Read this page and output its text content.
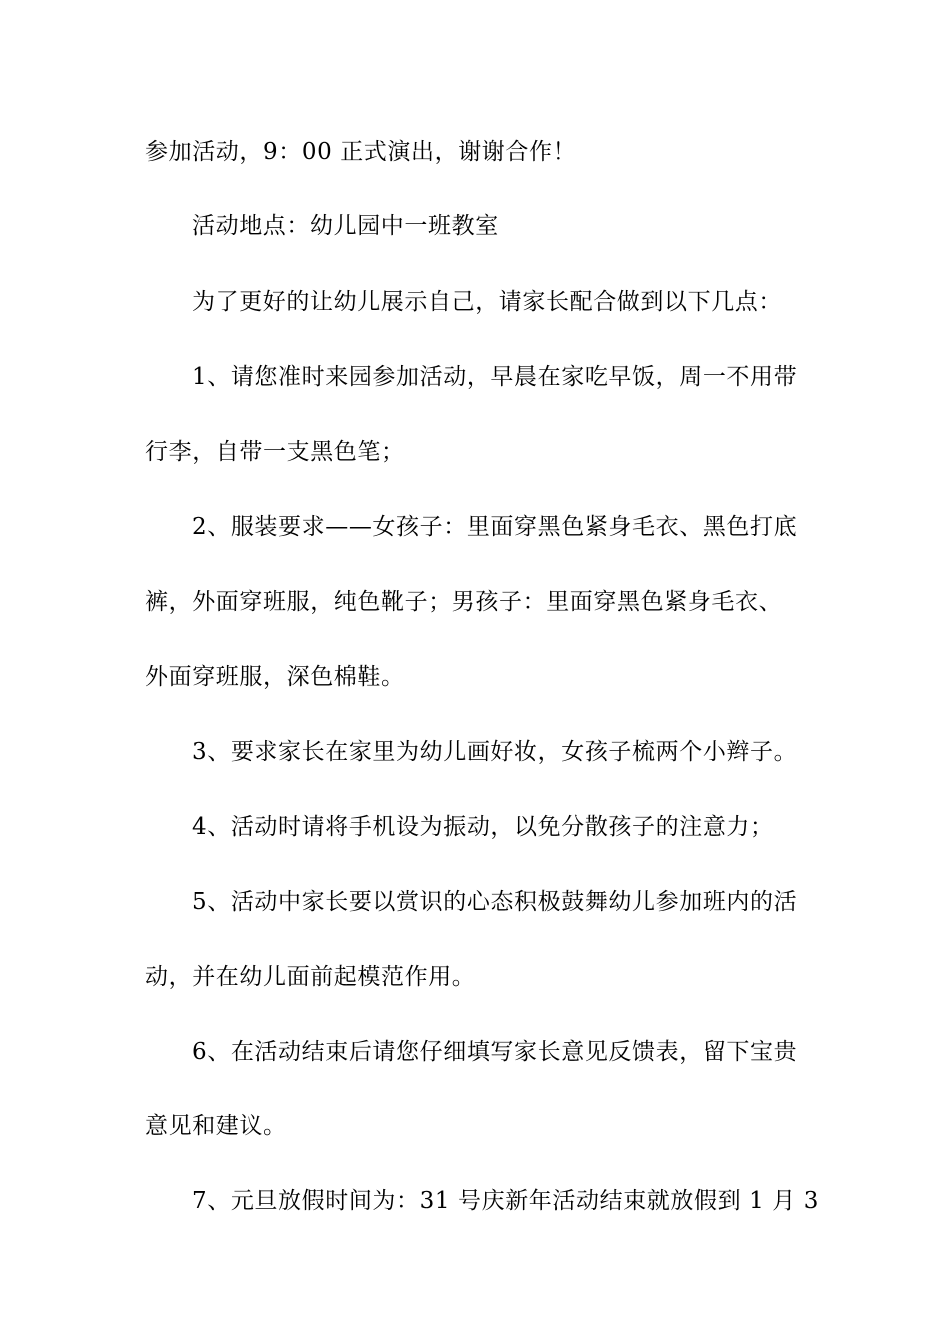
参加活动，9：00 正式演出，谢谢合作！
活动地点：幼儿园中一班教室
为了更好的让幼儿展示自己，请家长配合做到以下几点：
1、请您准时来园参加活动，早晨在家吃早饭，周一不用带
行李，自带一支黑色笔；
2、服装要求——女孩子：里面穿黑色紧身毛衣、黑色打底
裤，外面穿班服，纯色靴子；男孩子：里面穿黑色紧身毛衣、
外面穿班服，深色棉鞋。
3、要求家长在家里为幼儿画好妆，女孩子梳两个小辫子。
4、活动时请将手机设为振动，以免分散孩子的注意力；
5、活动中家长要以赏识的心态积极鼓舞幼儿参加班内的活
动，并在幼儿面前起模范作用。
6、在活动结束后请您仔细填写家长意见反馈表，留下宝贵
意见和建议。
7、元旦放假时间为：31 号庆新年活动结束就放假到 1 月 3
